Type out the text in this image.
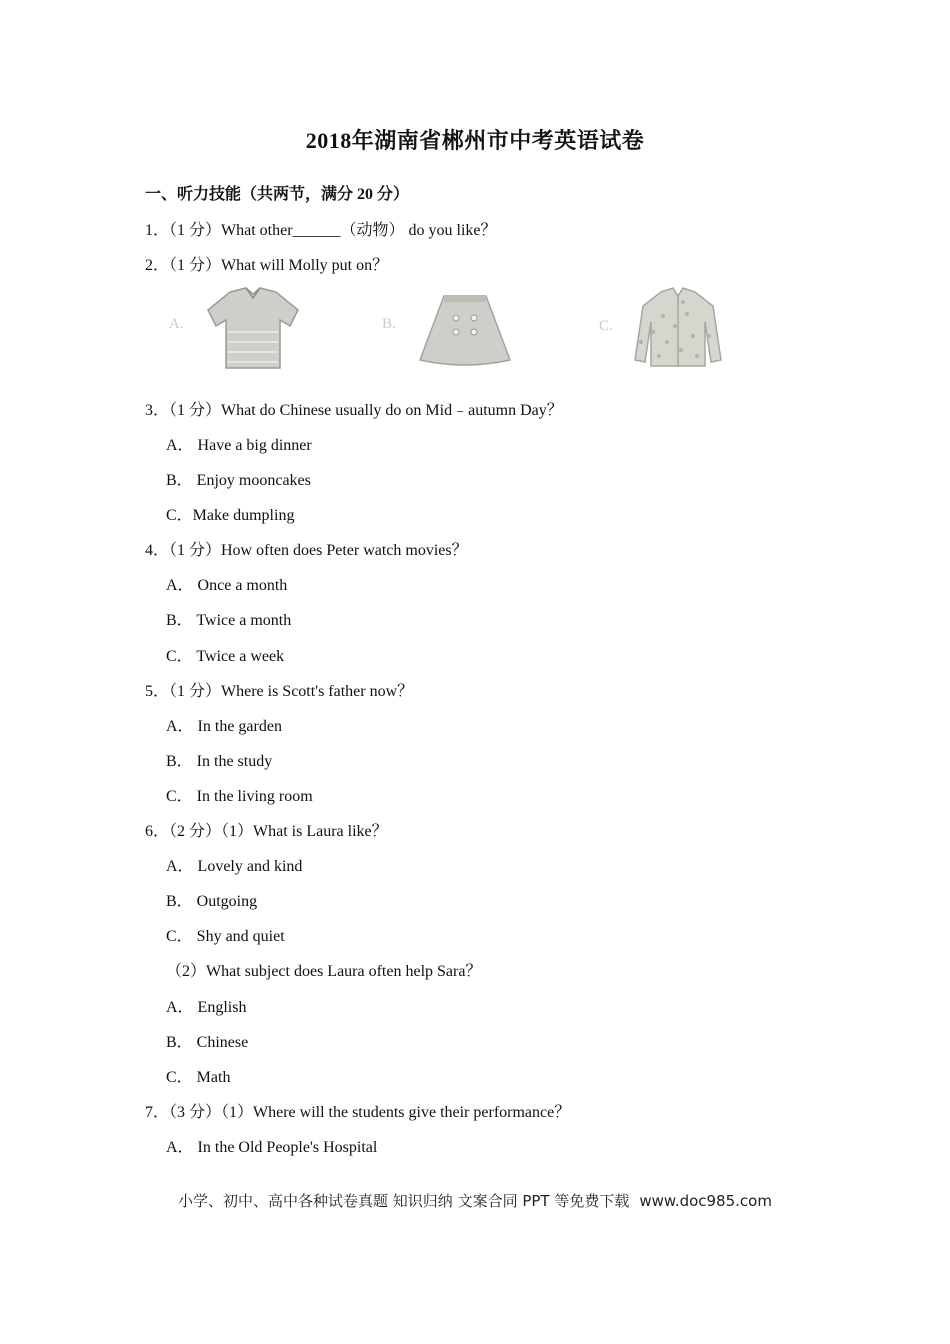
2018年湖南省郴州市中考英语试卷
一、听力技能（共两节，满分 20 分）
1．（1 分）What other______（动物） do you like？
2．（1 分）What will Molly put on？
A.	B.	C.
3．（1 分）What do Chinese usually do on Mid﹣autumn Day？
A． Have a big dinner
B． Enjoy mooncakes
C．Make dumpling
4．（1 分）How often does Peter watch movies？
A． Once a month
B． Twice a month
C． Twice a week
5．（1 分）Where is Scott's father now？
A． In the garden
B． In the study
C． In the living room
6．（2 分）（1）What is Laura like？
A． Lovely and kind
B． Outgoing
C． Shy and quiet
（2）What subject does Laura often help Sara？
A． English
B． Chinese
C． Math
7．（3 分）（1）Where will the students give their performance？
A． In the Old People's Hospital
小学、初中、高中各种试卷真题 知识归纳 文案合同 PPT 等免费下载 www.doc985.com
